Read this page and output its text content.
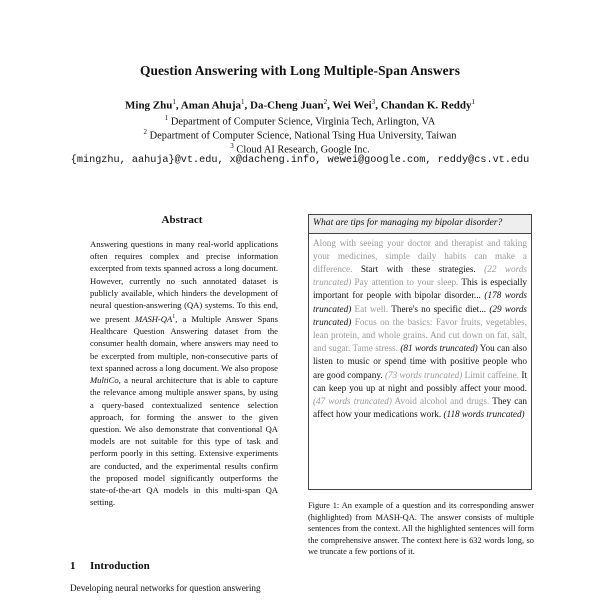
Question Answering with Long Multiple-Span Answers
Ming Zhu$^1$, Aman Ahuja$^1$, Da-Cheng Juan$^2$, Wei Wei$^3$, Chandan K. Reddy$^1$
$^1$ Department of Computer Science, Virginia Tech, Arlington, VA
$^2$ Department of Computer Science, National Tsing Hua University, Taiwan
$^3$ Cloud AI Research, Google Inc.
{mingzhu, aahuja}@vt.edu, x@dacheng.info, wewei@google.com, reddy@cs.vt.edu
Abstract
Answering questions in many real-world applications often requires complex and precise information excerpted from texts spanned across a long document. However, currently no such annotated dataset is publicly available, which hinders the development of neural question-answering (QA) systems. To this end, we present MASH-$QA^1$, a Multiple Answer Spans Healthcare Question Answering dataset from the consumer health domain, where answers may need to be excerpted from multiple, non-consecutive parts of text spanned across a long document. We also propose MultiCo, a neural architecture that is able to capture the relevance among multiple answer spans, by using a query-based contextualized sentence selection approach, for forming the answer to the given question. We also demonstrate that conventional QA models are not suitable for this type of task and perform poorly in this setting. Extensive experiments are conducted, and the experimental results confirm the proposed model significantly outperforms the state-of-the-art QA models in this multi-span QA setting.
1 Introduction
Developing neural networks for question answering
What are tips for managing my bipolar disorder?
Along with seeing your doctor and therapist and taking your medicines, simple daily habits can make a difference. Start with these strategies. (22 words truncated) Pay attention to your sleep. This is especially important for people with bipolar disorder... (178 words truncated) Eat well. There's no specific diet... (29 words truncated) Focus on the basics: Favor fruits, vegetables, lean protein, and whole grains. And cut down on fat, salt, and sugar. Tame stress. (81 words truncated) You can also listen to music or spend time with positive people who are good company. (73 words truncated) Limit caffeine. It can keep you up at night and possibly affect your mood. (47 words truncated) Avoid alcohol and drugs. They can affect how your medications work. (118 words truncated)
Figure 1: An example of a question and its corresponding answer (highlighted) from MASH-QA. The answer consists of multiple sentences from the context. All the highlighted sentences will form the comprehensive answer. The context here is 632 words long, so we truncate a few portions of it.
